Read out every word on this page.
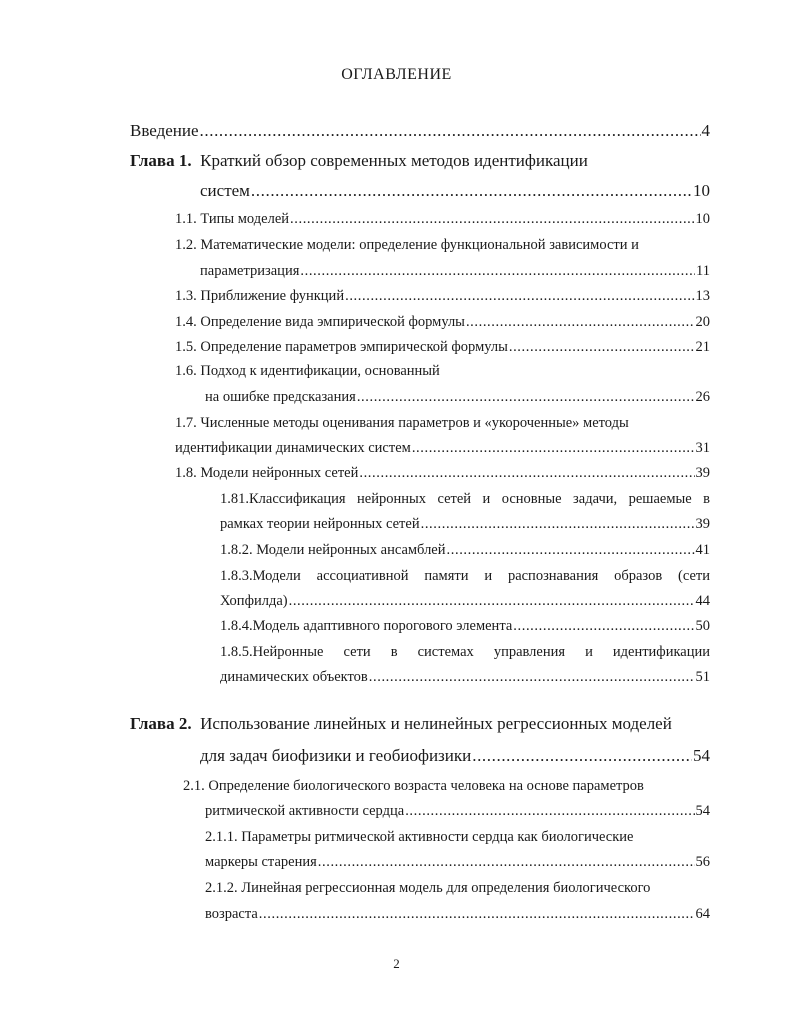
ОГЛАВЛЕНИЕ
Введение .....	4
Глава 1. Краткий обзор современных методов идентификации
систем .....	10
1.1. Типы моделей .....	10
1.2. Математические модели: определение функциональной зависимости и
параметризация .....	11
1.3. Приближение функций .....	13
1.4. Определение вида эмпирической формулы .....	20
1.5. Определение параметров эмпирической формулы .....	21
1.6. Подход к идентификации, основанный
на ошибке предсказания .....	26
1.7. Численные методы оценивания параметров и «укороченные» методы
идентификации динамических систем .....	31
1.8. Модели нейронных сетей .....	39
1.81.Классификация нейронных сетей и основные задачи, решаемые в
рамках теории нейронных сетей .....	39
1.8.2. Модели нейронных ансамблей .....	41
1.8.3.Модели ассоциативной памяти и распознавания образов (сети
Хопфилда) .....	44
1.8.4.Модель адаптивного порогового элемента .....	50
1.8.5.Нейронные сети в системах управления и идентификации
динамических объектов .....	51
Глава 2. Использование линейных и нелинейных регрессионных моделей
для задач биофизики и геобиофизики .....	54
2.1. Определение биологического возраста человека на основе параметров
ритмической активности сердца .....	54
2.1.1. Параметры ритмической активности сердца как биологические
маркеры старения .....	56
2.1.2. Линейная регрессионная модель для определения биологического
возраста .....	64
2
